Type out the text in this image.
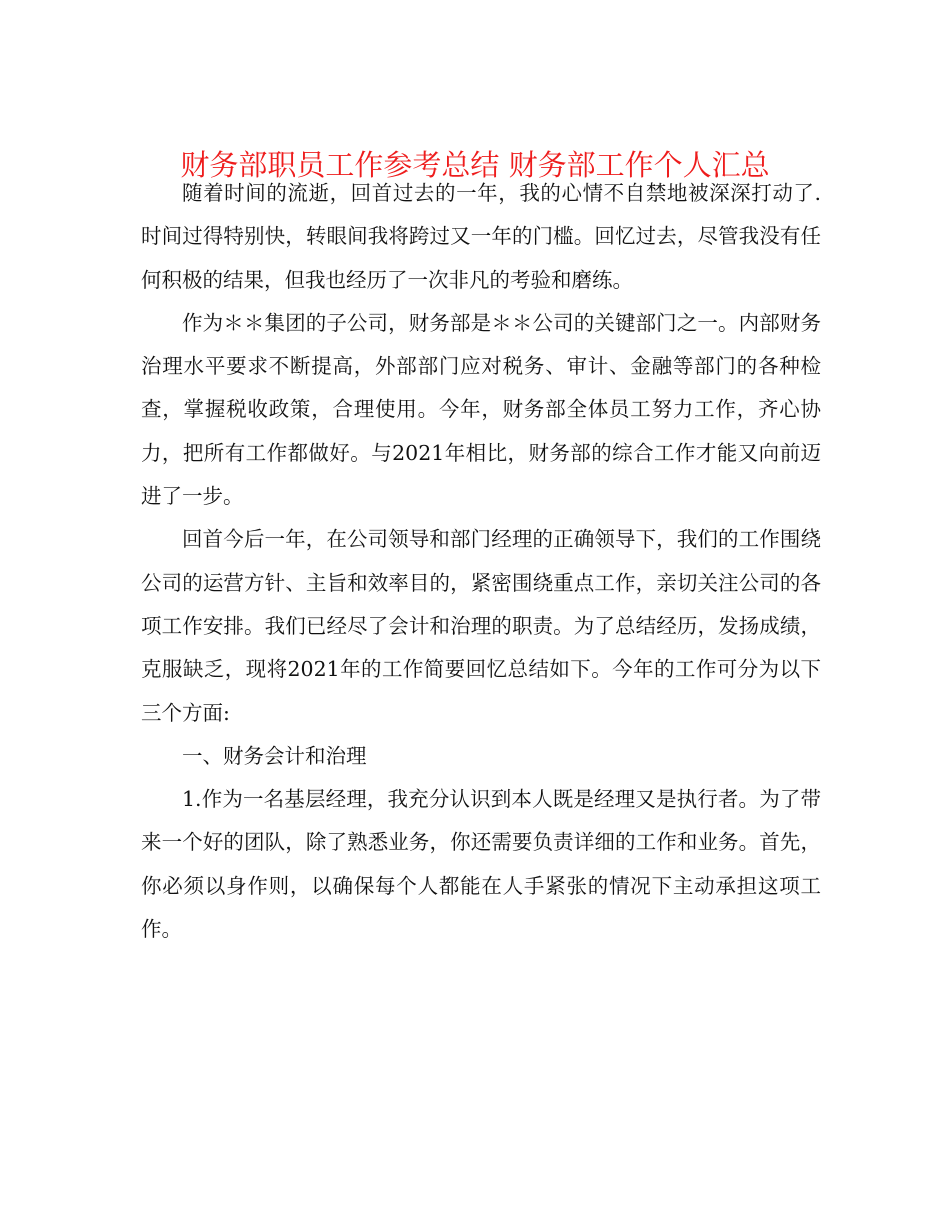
财务部职员工作参考总结 财务部工作个人汇总

随着时间的流逝，回首过去的一年，我的心情不自禁地被深深打动了.时间过得特别快，转眼间我将跨过又一年的门槛。回忆过去，尽管我没有任何积极的结果，但我也经历了一次非凡的考验和磨练。

作为＊＊集团的子公司，财务部是＊＊公司的关键部门之一。内部财务治理水平要求不断提高，外部部门应对税务、审计、金融等部门的各种检查，掌握税收政策，合理使用。今年，财务部全体员工努力工作，齐心协力，把所有工作都做好。与2021年相比，财务部的综合工作才能又向前迈进了一步。

回首今后一年，在公司领导和部门经理的正确领导下，我们的工作围绕公司的运营方针、主旨和效率目的，紧密围绕重点工作，亲切关注公司的各项工作安排。我们已经尽了会计和治理的职责。为了总结经历，发扬成绩，克服缺乏，现将2021年的工作简要回忆总结如下。今年的工作可分为以下三个方面:

一、财务会计和治理

1.作为一名基层经理，我充分认识到本人既是经理又是执行者。为了带来一个好的团队，除了熟悉业务，你还需要负责详细的工作和业务。首先，你必须以身作则，以确保每个人都能在人手紧张的情况下主动承担这项工作。
